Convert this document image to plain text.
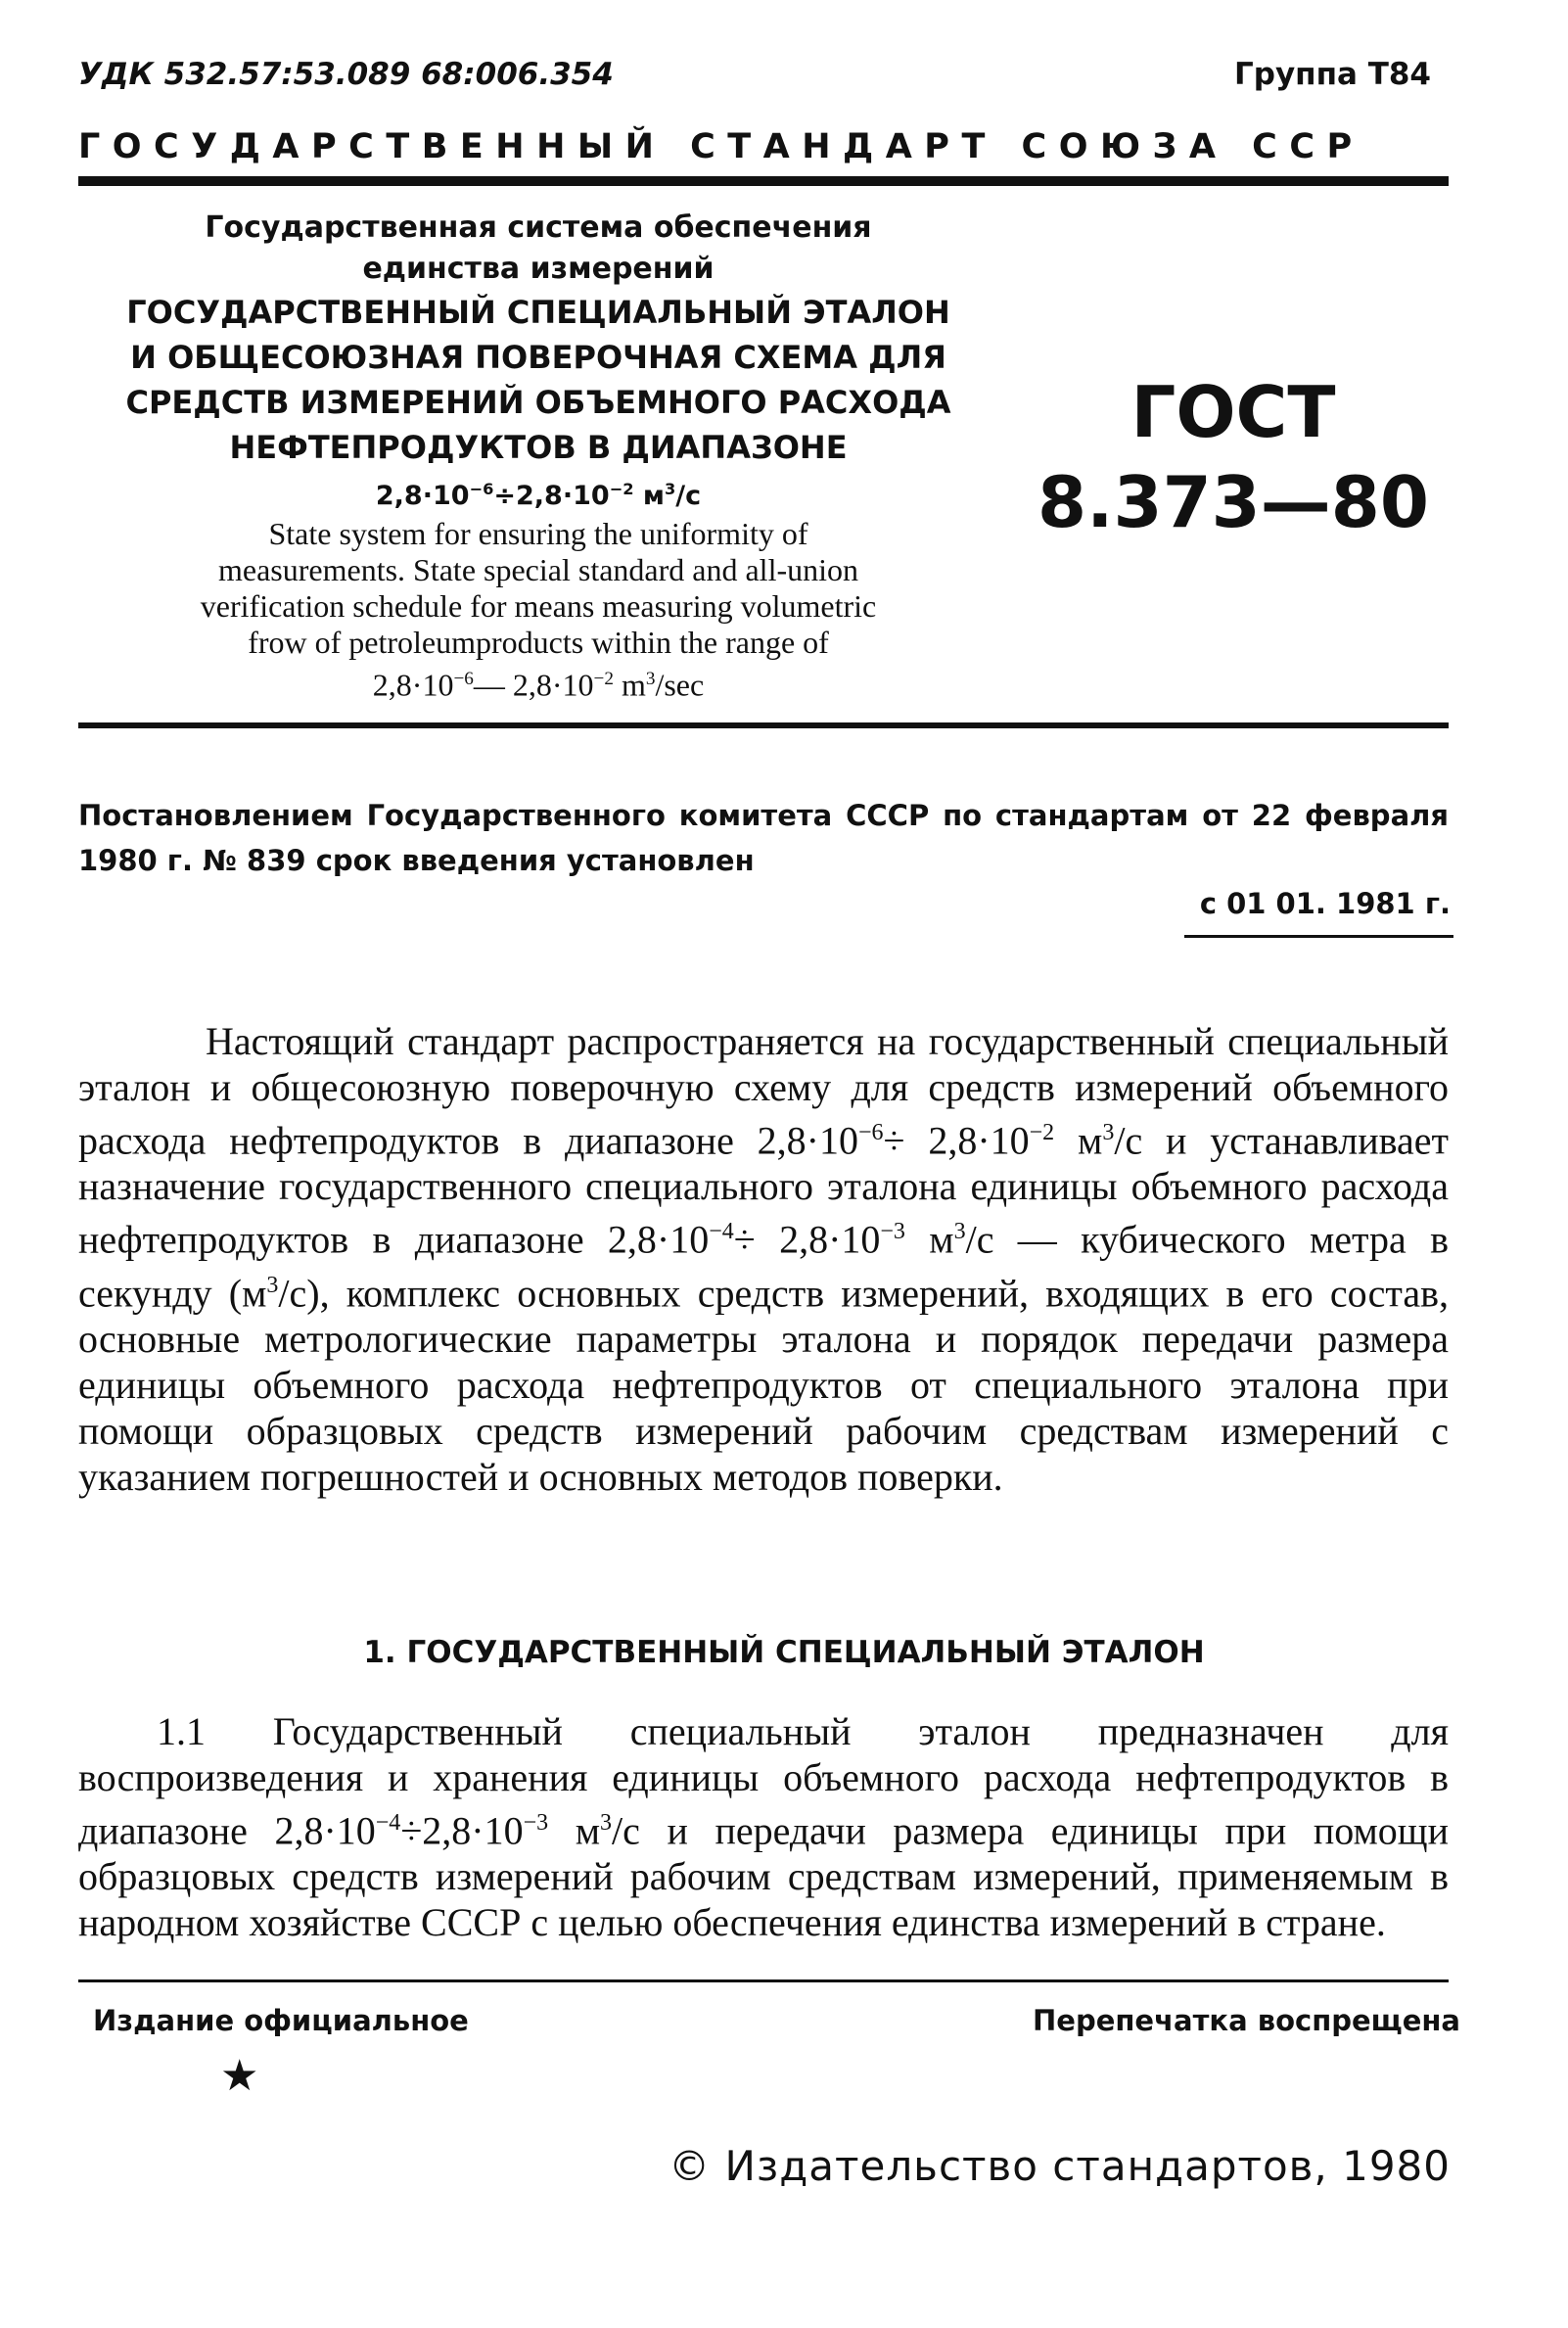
УДК 532.57:53.089 68:006.354	Группа Т84
ГОСУДАРСТВЕННЫЙ СТАНДАРТ СОЮЗА ССР
Государственная система обеспечения
единства измерений
ГОСУДАРСТВЕННЫЙ СПЕЦИАЛЬНЫЙ ЭТАЛОН
И ОБЩЕСОЮЗНАЯ ПОВЕРОЧНАЯ СХЕМА ДЛЯ
СРЕДСТВ ИЗМЕРЕНИЙ ОБЪЕМНОГО РАСХОДА
НЕФТЕПРОДУКТОВ В ДИАПАЗОНЕ
$2,8\cdot 10^{-6}\div 2,8\cdot 10^{-2}$ $м^3/с$
State system for ensuring the uniformity of
measurements. State special standard and all-union
verification schedule for means measuring volumetric
frow of petroleumproducts within the range of
$2,8\cdot 10^{-6}—$ $2,8\cdot 10^{-2}$ $m^3/\sec$
ГОСТ
8.373—80
Постановлением Государственного комитета СССР по стандартам от 22 февраля 1980 г. № 839 срок введения установлен
с 01 01. 1981 г.
Настоящий стандарт распространяется на государственный специальный эталон и общесоюзную поверочную схему для средств измерений объемного расхода нефтепродуктов в диапазоне $2,8\cdot 10^{-6}\div 2,8\cdot 10^{-2}$ $м^3/с$ и устанавливает назначение государственного специального эталона единицы объемного расхода нефтепродуктов в диапазоне $2,8\cdot 10^{-4}\div 2,8\cdot 10^{-3}$ $м^3/с$ — кубического метра в секунду $(м^3/с)$, комплекс основных средств измерений, входящих в его состав, основные метрологические параметры эталона и порядок передачи размера единицы объемного расхода нефтепродуктов от специального эталона при помощи образцовых средств измерений рабочим средствам измерений с указанием погрешностей и основных методов поверки.
1. ГОСУДАРСТВЕННЫЙ СПЕЦИАЛЬНЫЙ ЭТАЛОН
1.1 Государственный специальный эталон предназначен для воспроизведения и хранения единицы объемного расхода нефтепродуктов в диапазоне $2,8\cdot 10^{-4}\div 2,8\cdot 10^{-3}$ $м^3/с$ и передачи размера единицы при помощи образцовых средств измерений рабочим средствам измерений, применяемым в народном хозяйстве СССР с целью обеспечения единства измерений в стране.
Издание официальное	Перепечатка воспрещена
★
© Издательство стандартов, 1980
